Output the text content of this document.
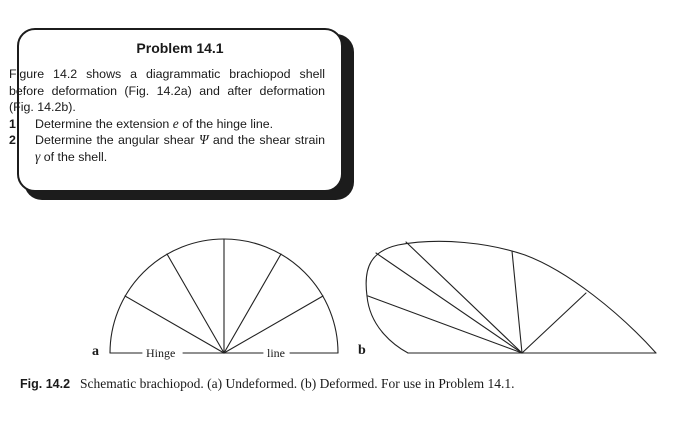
Problem 14.1

Figure 14.2 shows a diagrammatic brachiopod shell before deformation (Fig. 14.2a) and after deformation (Fig. 14.2b).

1	Determine the extension e of the hinge line.
2	Determine the angular shear Ψ and the shear strain γ of the shell.
a	b
Hinge	line
Fig. 14.2 Schematic brachiopod. (a) Undeformed. (b) Deformed. For use in Problem 14.1.
